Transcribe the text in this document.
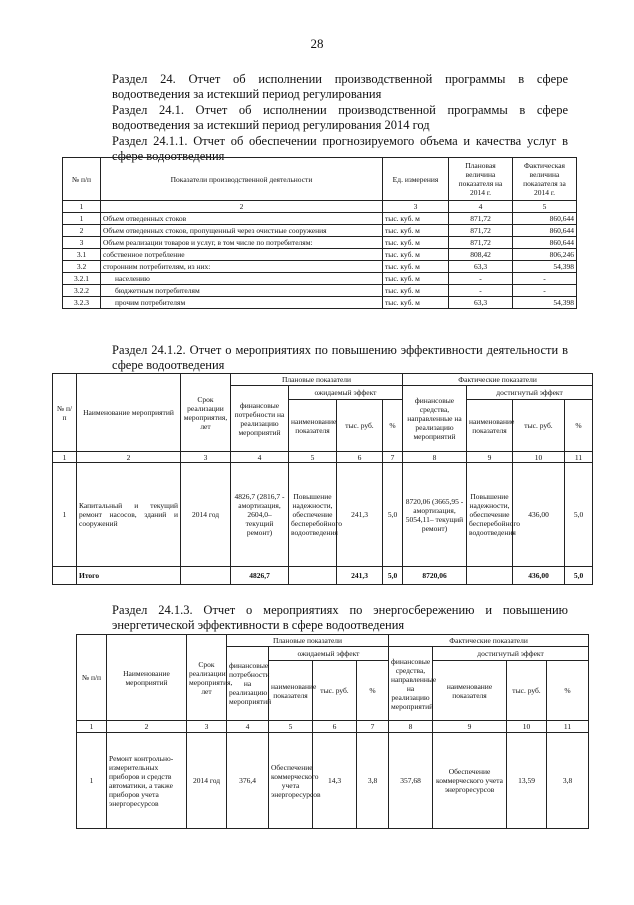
28
Раздел 24. Отчет об исполнении производственной программы в сфере водоотведения за истекший период регулирования
Раздел 24.1. Отчет об исполнении производственной программы в сфере водоотведения за истекший период регулирования 2014 год
Раздел 24.1.1. Отчет об обеспечении прогнозируемого объема и качества услуг в сфере водоотведения
№ п/п	Показатели производственной деятельности	Ед. измерения	Плановая величина показателя на 2014 г.	Фактическая величина показателя за 2014 г.
1	2	3	4	5
1	Объем отведенных стоков	тыс. куб. м	871,72	860,644
2	Объем отведенных стоков, пропущенный через очистные сооружения	тыс. куб. м	871,72	860,644
3	Объем реализации товаров и услуг, в том числе по потребителям:	тыс. куб. м	871,72	860,644
3.1	собственное потребление	тыс. куб. м	808,42	806,246
3.2	сторонним потребителям, из них:	тыс. куб. м	63,3	54,398
3.2.1	населению	тыс. куб. м	-	-
3.2.2	бюджетным потребителям	тыс. куб. м	-	-
3.2.3	прочим потребителям	тыс. куб. м	63,3	54,398
Раздел 24.1.2. Отчет о мероприятиях по повышению эффективности деятельности в сфере водоотведения
№ п/п	Наименование мероприятий	Срок реализации мероприятия, лет	Плановые показатели				Фактические показатели			
			финансовые потребности на реализацию мероприятий	ожидаемый эффект			финансовые средства, направленные на реализацию мероприятий	достигнутый эффект		
				наименование показателя	тыс. руб.	%		наименование показателя	тыс. руб.	%
1	2	3	4	5	6	7	8	9	10	11
1	Капитальный и текущий ремонт насосов, зданий и сооружений	2014 год	4826,7 (2816,7 - амортизация, 2604,0– текущий ремонт)	Повышение надежности, обеспечение бесперебойного водоотведения	241,3	5,0	8720,06 (3665,95 - амортизация, 5054,11– текущий ремонт)	Повышение надежности, обеспечение бесперебойного водоотведения	436,00	5,0
	Итого		4826,7		241,3	5,0	8720,06		436,00	5,0
Раздел 24.1.3. Отчет о мероприятиях по энергосбережению и повышению энергетической эффективности в сфере водоотведения
№ п/п	Наименование мероприятий	Срок реализации мероприятия, лет	Плановые показатели				Фактические показатели			
			финансовые потребности на реализацию мероприятий	ожидаемый эффект			финансовые средства, направленные на реализацию мероприятий	достигнутый эффект		
				наименование показателя	тыс. руб.	%		наименование показателя	тыс. руб.	%
1	2	3	4	5	6	7	8	9	10	11
1	Ремонт контрольно-измерительных приборов и средств автоматики, а также приборов учета энергоресурсов	2014 год	376,4	Обеспечение коммерческого учета энергоресурсов	14,3	3,8	357,68	Обеспечение коммерческого учета энергоресурсов	13,59	3,8
